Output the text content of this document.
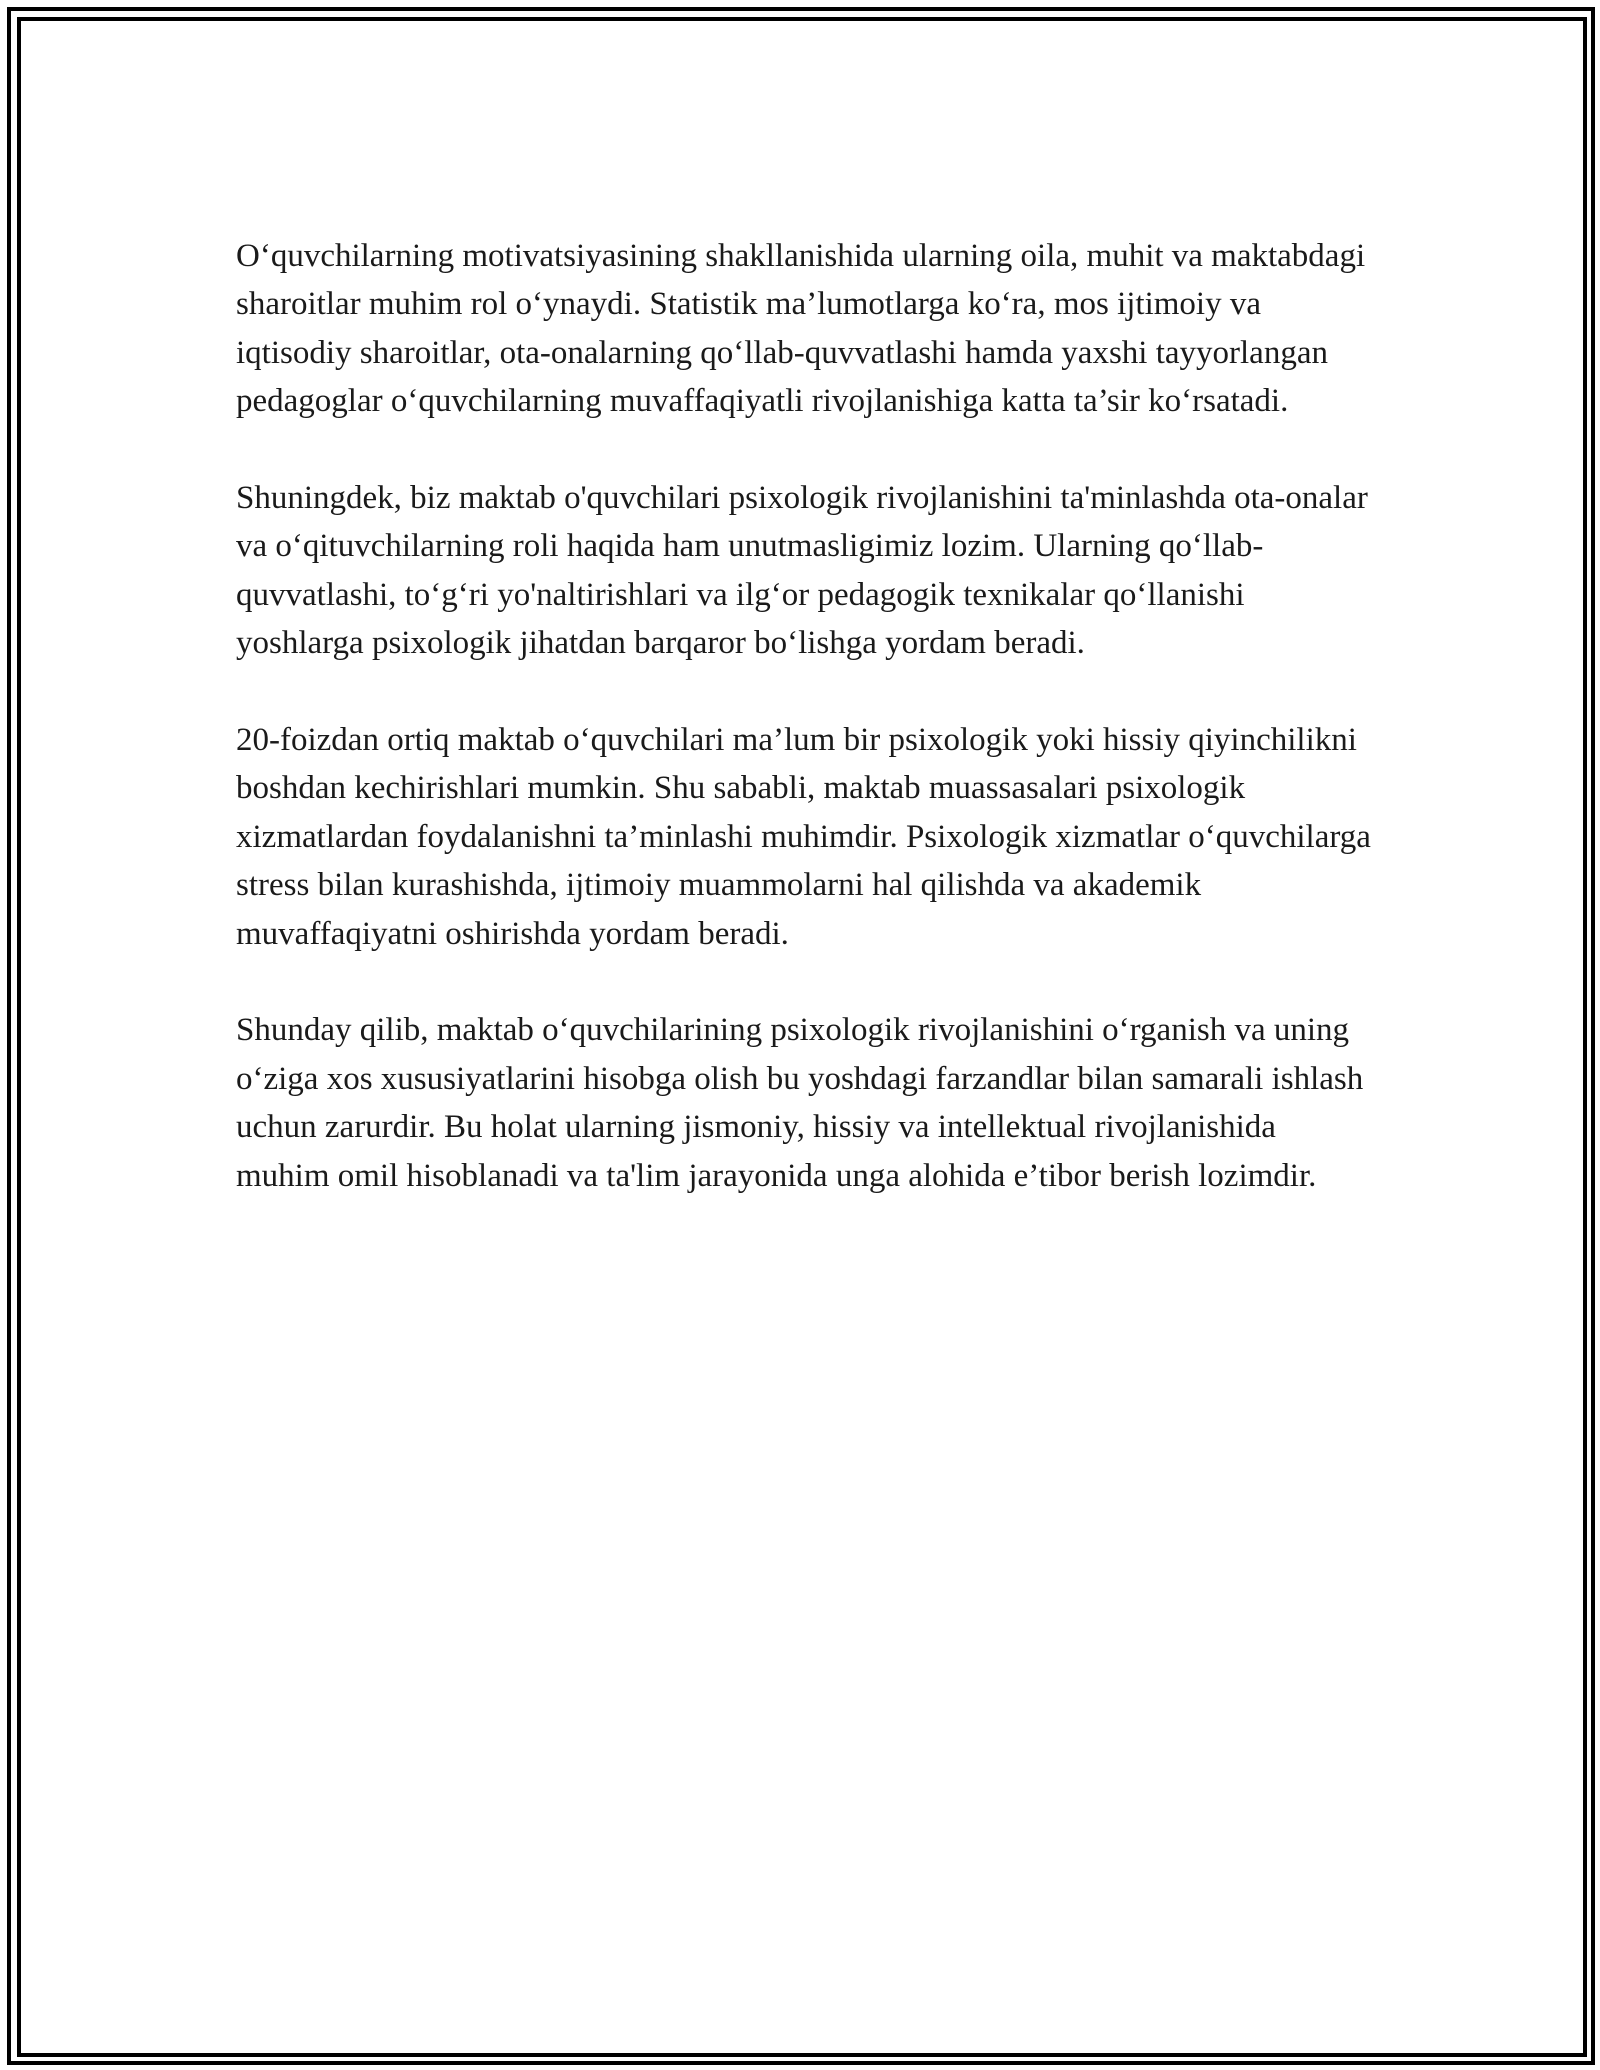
O‘quvchilarning motivatsiyasining shakllanishida ularning oila, muhit va maktabdagi sharoitlar muhim rol o‘ynaydi. Statistik ma’lumotlarga ko‘ra, mos ijtimoiy va iqtisodiy sharoitlar, ota-onalarning qo‘llab-quvvatlashi hamda yaxshi tayyorlangan pedagoglar o‘quvchilarning muvaffaqiyatli rivojlanishiga katta ta’sir ko‘rsatadi.

Shuningdek, biz maktab o'quvchilari psixologik rivojlanishini ta'minlashda ota-onalar va o‘qituvchilarning roli haqida ham unutmasligimiz lozim. Ularning qo‘llab-quvvatlashi, to‘g‘ri yo'naltirishlari va ilg‘or pedagogik texnikalar qo‘llanishi yoshlarga psixologik jihatdan barqaror bo‘lishga yordam beradi.

20-foizdan ortiq maktab o‘quvchilari ma’lum bir psixologik yoki hissiy qiyinchilikni boshdan kechirishlari mumkin. Shu sababli, maktab muassasalari psixologik xizmatlardan foydalanishni ta’minlashi muhimdir. Psixologik xizmatlar o‘quvchilarga stress bilan kurashishda, ijtimoiy muammolarni hal qilishda va akademik muvaffaqiyatni oshirishda yordam beradi.

Shunday qilib, maktab o‘quvchilarining psixologik rivojlanishini o‘rganish va uning o‘ziga xos xususiyatlarini hisobga olish bu yoshdagi farzandlar bilan samarali ishlash uchun zarurdir. Bu holat ularning jismoniy, hissiy va intellektual rivojlanishida muhim omil hisoblanadi va ta'lim jarayonida unga alohida e’tibor berish lozimdir.
